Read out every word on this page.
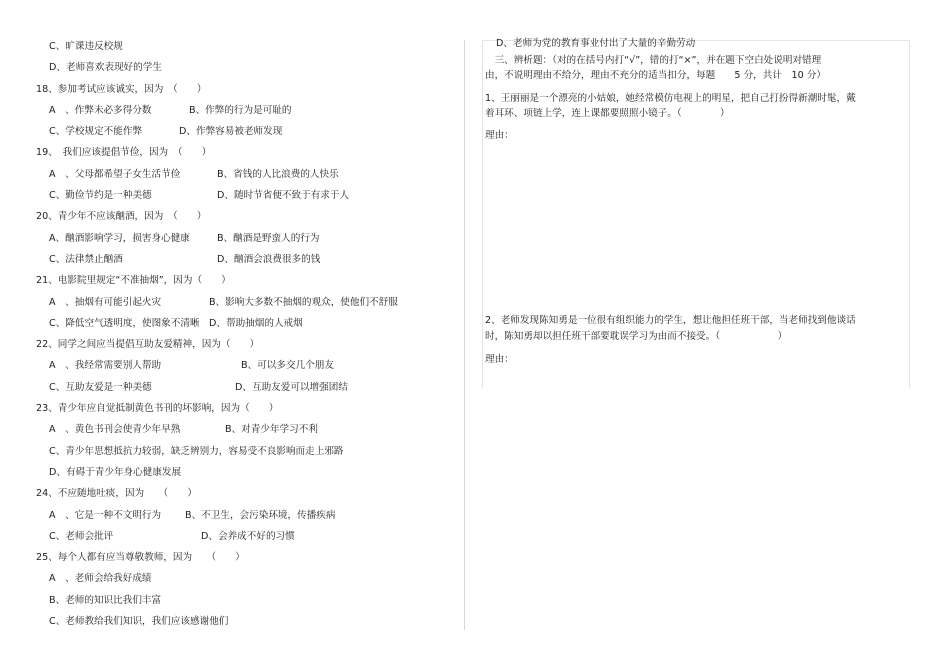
C、旷课违反校规
D、老师喜欢表现好的学生
18、参加考试应该诚实，因为　（　　）
A　、作弊未必多得分数	B、作弊的行为是可耻的
C、学校规定不能作弊	D、作弊容易被老师发现
19、　我们应该提倡节俭，因为　（　　）
A　、父母都希望子女生活节俭	B、省钱的人比浪费的人快乐
C、勤俭节约是一种美德	D、随时节省便不致于有求于人
20、青少年不应该酗酒，因为　（　　）
A、酗酒影响学习，损害身心健康	B、酗酒是野蛮人的行为
C、法律禁止酗酒	D、酗酒会浪费很多的钱
21、电影院里规定“不准抽烟”，因为（　　）
A　、抽烟有可能引起火灾	B、影响大多数不抽烟的观众，使他们不舒服
C、降低空气透明度，使图象不清晰 D、帮助抽烟的人戒烟
22、同学之间应当提倡互助友爱精神，因为（　　）
A　、我经常需要别人帮助	B、可以多交几个朋友
C、互助友爱是一种美德	D、互助友爱可以增强团结
23、青少年应自觉抵制黄色书刊的坏影响，因为（　　）
A　、黄色书刊会使青少年早熟	B、对青少年学习不利
C、青少年思想抵抗力较弱，缺乏辨别力，容易受不良影响而走上邪路
D、有碍于青少年身心健康发展
24、不应随地吐痰，因为　　（　　）
A　、它是一种不文明行为 B、不卫生，会污染环境，传播疾病
C、老师会批评	D、会养成不好的习惯
25、每个人都有应当尊敬教师，因为　　（　　）
A　、老师会给我好成绩
B、老师的知识比我们丰富
C、老师教给我们知识，我们应该感谢他们
D、老师为党的教育事业付出了大量的辛勤劳动
　三、辨析题：（对的在括号内打“√”，错的打“×”，并在题下空白处说明对错理
由，不说明理由不给分，理由不充分的适当扣分，每题　　5 分，共计　10 分）
1、王丽丽是一个漂亮的小姑娘，她经常模仿电视上的明星，把自己打扮得新潮时髦，戴
着耳环、项链上学，连上课都要照照小镜子。（　　　　）
理由：
2、老师发现陈知勇是一位很有组织能力的学生，想让他担任班干部，当老师找到他谈话
时，陈知勇却以担任班干部要耽误学习为由而不接受。（　　　　　　）
理由：
